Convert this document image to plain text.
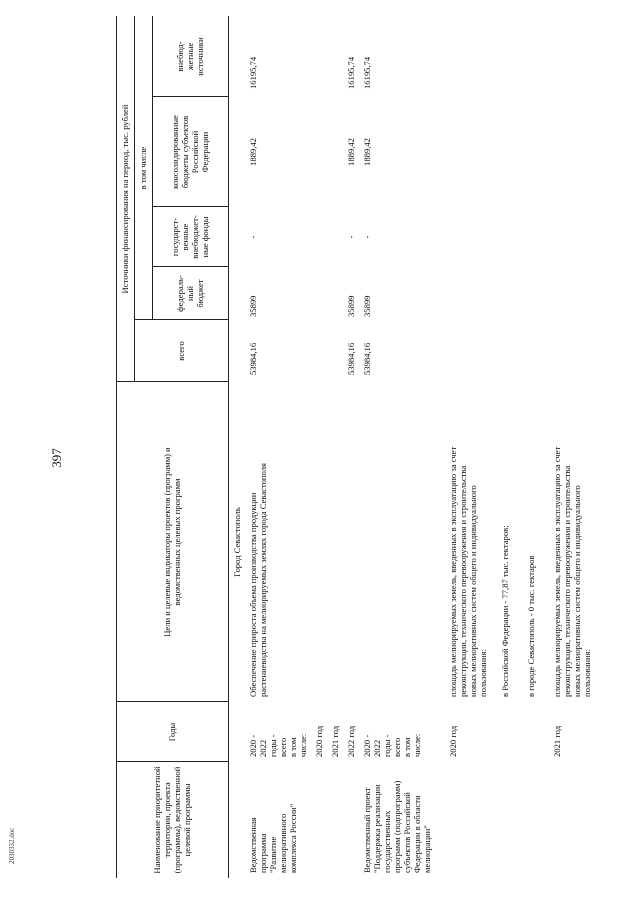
397
2030332.doc	Наименование приоритетной территории, проекта (программы), ведомственной целевой программы
Годы
Цели и целевые индикаторы проектов (программ) и ведомственных целевых программ
Источники финансирования на период, тыс. рублей
всего
в том числе
федераль-
ный
бюджет
государст-
венные
внебюджет-
ные фонды
консолидированные
бюджеты субъектов
Российской
Федерации
внебюд-
жетные
источники
Город Севастополь
Ведомственная
программа
"Развитие
мелиоративного
комплекса России"
2020 -
2022
годы -
всего
в том
числе:
Обеспечение прироста объема производства продукции
растениеводства на мелиорируемых землях города Севастополя
53984,16
35899
-
1889,42
16195,74
2020 год 2021 год 2022 год
53984,16
35899
-
1889,42
16195,74
Ведомственный проект
"Поддержка реализации
государственных
программ (подпрограмм)
субъектов Российской
Федерации в области
мелиорации"
2020 -
2022
годы -
всего
в том
числе:
53984,16
35899
-
1889,42
16195,74
2020 год
площадь мелиорируемых земель, введенных в эксплуатацию за счет
реконструкции, технического перевооружения и строительства
новых мелиоративных систем общего и индивидуального
пользования:	в Российской Федерации - 77,87 тыс. гектаров; в городе Севастополь - 0 тыс. гектаров
2021 год
площадь мелиорируемых земель, введенных в эксплуатацию за счет
реконструкции, технического перевооружения и строительства
новых мелиоративных систем общего и индивидуального
пользования:
